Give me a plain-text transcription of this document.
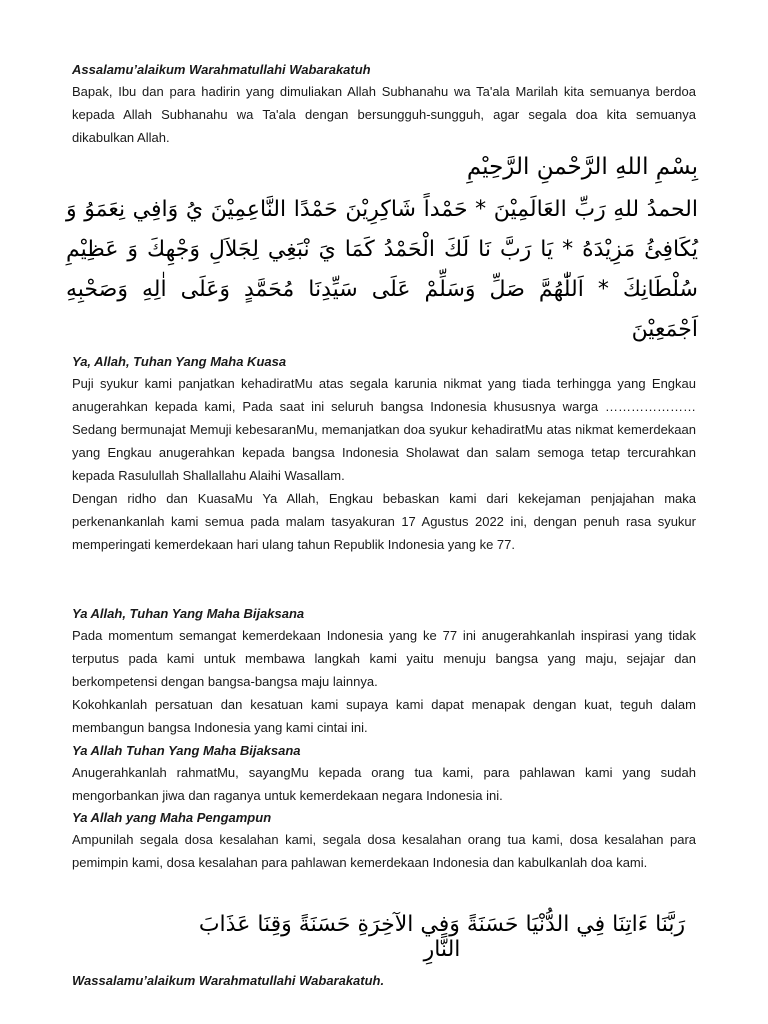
Assalamu’alaikum Warahmatullahi Wabarakatuh

Bapak, Ibu dan para hadirin yang dimuliakan Allah Subhanahu wa Ta'ala Marilah kita semuanya berdoa kepada Allah Subhanahu wa Ta'ala dengan bersungguh-sungguh, agar segala doa kita semuanya dikabulkan Allah.

بِسْمِ اللهِ الرَّحْمنِ الرَّحِيْمِ
الحمدُ للهِ رَبِّ العَالَمِيْنَ * حَمْداً شَاكِرِيْنَ حَمْدًا النَّاعِمِيْنَ يُ وَافِي نِعَمَوُ وَ يُكَافِئُ مَزِيْدَهُ * يَا رَبَّ نَا لَكَ الْحَمْدُ كَمَا يَ نْبَغِي لِجَلاَلِ وَجْهِكَ وَ عَظِيْمِ سُلْطَانِكَ * اَللّٰهُمَّ صَلِّ وَسَلِّمْ عَلَى سَيِّدِنَا مُحَمَّدٍ وَعَلَى اٰلِهِ وَصَحْبِهِ اَجْمَعِيْنَ

Ya, Allah, Tuhan Yang Maha Kuasa

Puji syukur kami panjatkan kehadiratMu atas segala karunia nikmat yang tiada terhingga yang Engkau anugerahkan kepada kami, Pada saat ini seluruh bangsa Indonesia khususnya warga ………………… Sedang bermunajat Memuji kebesaranMu, memanjatkan doa syukur kehadiratMu atas nikmat kemerdekaan yang Engkau anugerahkan kepada bangsa Indonesia Sholawat dan salam semoga tetap tercurahkan kepada Rasulullah Shallallahu Alaihi Wasallam.

Dengan ridho dan KuasaMu Ya Allah, Engkau bebaskan kami dari kekejaman penjajahan maka perkenankanlah kami semua pada malam tasyakuran 17 Agustus 2022 ini, dengan penuh rasa syukur memperingati kemerdekaan hari ulang tahun Republik Indonesia yang ke 77.

Ya Allah, Tuhan Yang Maha Bijaksana

Pada momentum semangat kemerdekaan Indonesia yang ke 77 ini anugerahkanlah inspirasi yang tidak terputus pada kami untuk membawa langkah kami yaitu menuju bangsa yang maju, sejajar dan berkompetensi dengan bangsa-bangsa maju lainnya.

Kokohkanlah persatuan dan kesatuan kami supaya kami dapat menapak dengan kuat, teguh dalam membangun bangsa Indonesia yang kami cintai ini.

Ya Allah Tuhan Yang Maha Bijaksana

Anugerahkanlah rahmatMu, sayangMu kepada orang tua kami, para pahlawan kami yang sudah mengorbankan jiwa dan raganya untuk kemerdekaan negara Indonesia ini.

Ya Allah yang Maha Pengampun

Ampunilah segala dosa kesalahan kami, segala dosa kesalahan orang tua kami, dosa kesalahan para pemimpin kami, dosa kesalahan para pahlawan kemerdekaan Indonesia dan kabulkanlah doa kami.

رَبَّنَا ءَاتِنَا فِي الدُّنْيَا حَسَنَةً وَفِي الآخِرَةِ حَسَنَةً وَقِنَا عَذَابَ النَّارِ

Wassalamu’alaikum Warahmatullahi Wabarakatuh.
